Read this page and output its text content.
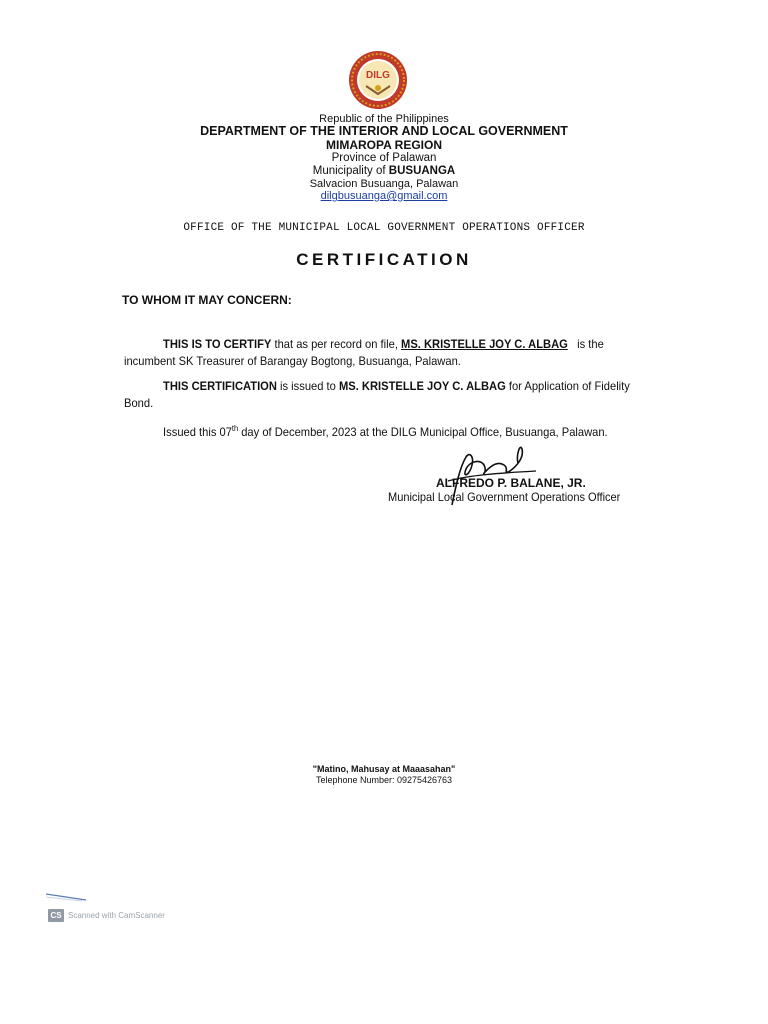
DILG
Republic of the Philippines
DEPARTMENT OF THE INTERIOR AND LOCAL GOVERNMENT
MIMAROPA REGION
Province of Palawan
Municipality of BUSUANGA
Salvacion Busuanga, Palawan
dilgbusuanga@gmail.com
OFFICE OF THE MUNICIPAL LOCAL GOVERNMENT OPERATIONS OFFICER
CERTIFICATION
TO WHOM IT MAY CONCERN:
THIS IS TO CERTIFY that as per record on file, MS. KRISTELLE JOY C. ALBAG   is the incumbent SK Treasurer of Barangay Bogtong, Busuanga, Palawan.
THIS CERTIFICATION is issued to MS. KRISTELLE JOY C. ALBAG for Application of Fidelity Bond.
Issued this 07th day of December, 2023 at the DILG Municipal Office, Busuanga, Palawan.
ALFREDO P. BALANE, JR.
Municipal Local Government Operations Officer
"Matino, Mahusay at Maaasahan"
Telephone Number: 09275426763
CS Scanned with CamScanner
